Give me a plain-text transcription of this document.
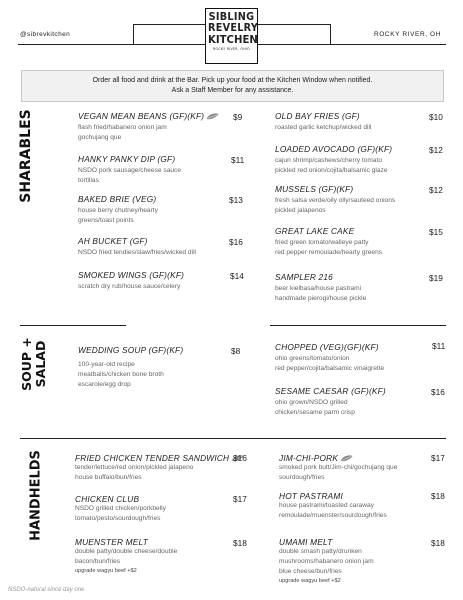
@sibrevkitchen	ROCKY RIVER, OH
SIBLING
REVELRY
KITCHEN
ROCKY RIVER, OHIO
Order all food and drink at the Bar. Pick up your food at the Kitchen Window when notified.
Ask a Staff Member for any assistance.
SHARABLES	VEGAN MEAN BEANS (GF)(KF)
flash fried/habanero onion jam
gochujang que
$9
HANKY PANKY DIP (GF)
NSDO pork sausage/cheese sauce
tortillas
$11
BAKED BRIE (VEG)
house berry chutney/hearty
greens/toast points
$13
AH BUCKET (GF)
NSDO fried tendies/slaw/fries/wicked dill
$16
SMOKED WINGS (GF)(KF)
scratch dry rub/house sauce/celery
$14
OLD BAY FRIES (GF)
roasted garlic ketchup/wicked dill
$10
LOADED AVOCADO (GF)(KF)
cajun shrimp/cashews/cherry tomato
pickled red onion/cojita/balsamic glaze
$12
MUSSELS (GF)(KF)
fresh salsa verde/oily olly/sauteed onions
pickled jalapenos
$12
GREAT LAKE CAKE
fried green tomato/walleye patty
red pepper remoulade/hearty greens
$15
SAMPLER 216
beer kielbasa/house pastrami
handmade pierogi/house pickle
$19
SOUP + SALAD	WEDDING SOUP (GF)(KF)
100-year-old recipe
meatballs/chicken bone broth
escarole/egg drop
$8	CHOPPED (VEG)(GF)(KF)
ohio greens/tomato/onion
red pepper/cojita/balsamic vinaigrette
$11
SESAME CAESAR (GF)(KF)
ohio grown/NSDO grilled
chicken/sesame parm crisp
$16
HANDHELDS	FRIED CHICKEN TENDER SANDWICH
tender/lettuce/red onion/pickled jalapeno
house buffalo/bun/fries
$16
CHICKEN CLUB
NSDO grilled chicken/porkbelly
tomato/pesto/sourdough/fries
$17
MUENSTER MELT
double patty/double cheese/double
bacon/bun/fries
upgrade wagyu beef +$2
$18
JIM-CHI-PORK
smoked pork butt/Jim-chi/gochujang que
sourdough/fries
$17
HOT PASTRAMI
house pastrami/toasted caraway
remoulade/muenster/sourdough/fries
$18
UMAMI MELT
double smash patty/drunken
mushrooms/habanero onion jam
blue cheese/bun/fries
upgrade wagyu beef +$2
$18
NSDO-natural since day one
